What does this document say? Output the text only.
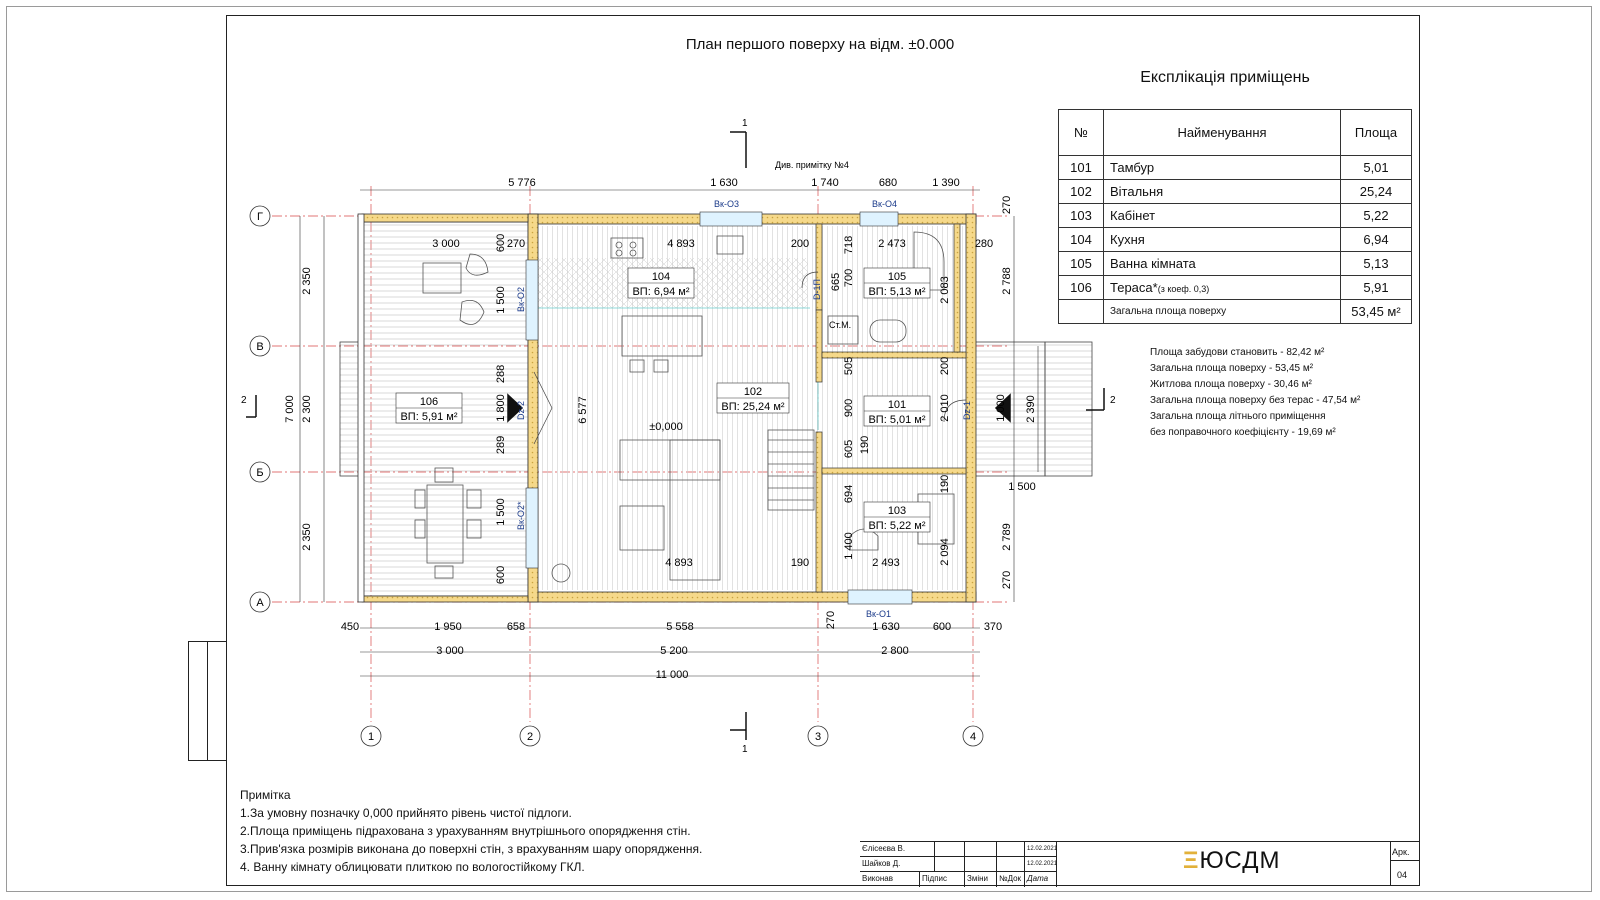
План першого поверху на відм. ±0.000
Експлікація приміщень
№	Найменування	Площа
101	Тамбур	5,01
102	Вітальня	25,24
103	Кабінет	5,22
104	Кухня	6,94
105	Ванна кімната	5,13
106	Тераса*(з коеф. 0,3)	5,91
	Загальна площа поверху	53,45 м²
Площа забудови становить - 82,42 м²
Загальна площа поверху - 53,45 м²
Житлова площа поверху - 30,46 м²
Загальна площа поверху без терас - 47,54 м²
Загальна площа літнього приміщення
без поправочного коефіцієнту - 19,69 м²
Примітка
1.За умовну позначку 0,000 прийнято рівень чистої підлоги.
2.Площа приміщень підрахована з урахуванням внутрішнього опорядження стін.
3.Прив'язка розмірів виконана до поверхні стін, з врахуванням шару опорядження.
4. Ванну кімнату облицювати плиткою по вологостійкому ГКЛ.
Єлісеєва В.	12.02.2021
Шайков Д.	12.02.2021
Виконав	Підпис	Зміни	№Док Дата
ΞЮСДМ	Арк.
04
1
1
2	2
Г
В
Б
А
1	2	3	4
5 776	1 630	1 740	680	1 390
Див. примітку №4
450	1 950	658	5 558	270	1 630	600	370
3 000	5 200	2 800
11 000
2 350
2 300
2 350
7 000
2 788
2 390
2 789
270
270
1 500
3 000	600 270	4 893	200	2 473	280
1 500
288
1 800
289
1 500
600
6 577
718
700
665	2 083
505	200
900	2 010	1 000
605 190
694
190
1 400	2 094
4 893	190	2 493
Вк-О3	Вк-О4
Вк-О1
Вк-О2
Вк-О2*
Dz-2	Dz-1
D-1П
±0,000
Ст.М.
104
ВП: 6,94 м²
105
ВП: 5,13 м²
106
ВП: 5,91 м²
102
ВП: 25,24 м²	101
ВП: 5,01 м²
103
ВП: 5,22 м²
